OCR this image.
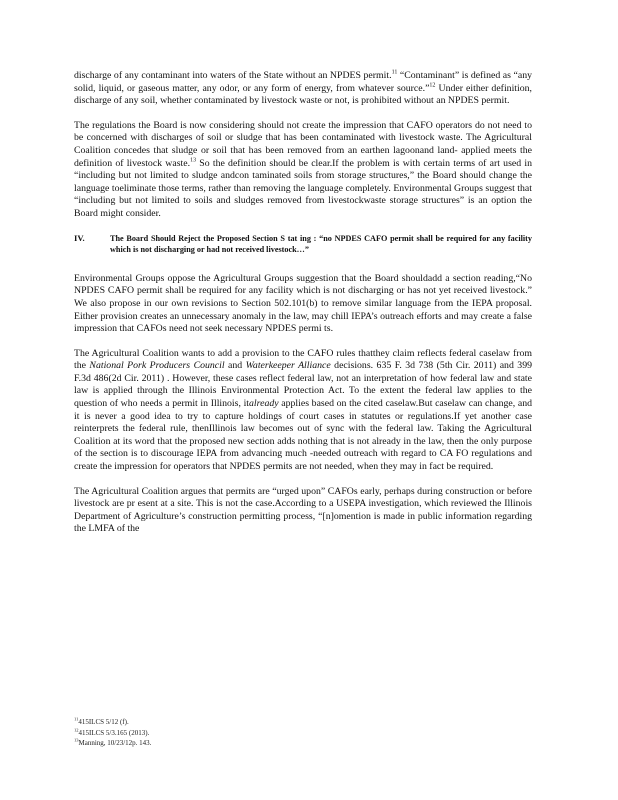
discharge of any contaminant into waters of the State without an NPDES permit.$^{11}$ “Contaminant” is defined as “any solid, liquid, or gaseous matter, any odor, or any form of energy, from whatever source.”$^{12}$ Under either definition, discharge of any soil, whether contaminated by livestock waste or not, is prohibited without an NPDES permit.

The regulations the Board is now considering should not create the impression that CAFO operators do not need to be concerned with discharges of soil or sludge that has been contaminated with livestock waste. The Agricultural Coalition concedes that sludge or soil that has been removed from an earthen lagoonand land- applied meets the definition of livestock waste.$^{13}$ So the definition should be clear.If the problem is with certain terms of art used in “including but not limited to sludge andcon taminated soils from storage structures,” the Board should change the language toeliminate those terms, rather than removing the language completely. Environmental Groups suggest that “including but not limited to soils and sludges removed from livestockwaste storage structures” is an option the Board might consider.

IV.	The Board Should Reject the Proposed Section S tat ing : “no NPDES CAFO permit shall be required for any facility which is not discharging or had not received livestock…”

Environmental Groups oppose the Agricultural Groups suggestion that the Board shouldadd a section reading,“No NPDES CAFO permit shall be required for any facility which is not discharging or has not yet received livestock.” We also propose in our own revisions to Section 502.101(b) to remove similar language from the IEPA proposal. Either provision creates an unnecessary anomaly in the law, may chill IEPA’s outreach efforts and may create a false impression that CAFOs need not seek necessary NPDES permi ts.

The Agricultural Coalition wants to add a provision to the CAFO rules thatthey claim reflects federal caselaw from the National Pork Producers Council and Waterkeeper Alliance decisions. 635 F. 3d 738 (5th Cir. 2011) and 399 F.3d 486(2d Cir. 2011) . However, these cases reflect federal law, not an interpretation of how federal law and state law is applied through the Illinois Environmental Protection Act. To the extent the federal law applies to the question of who needs a permit in Illinois, italready applies based on the cited caselaw.But caselaw can change, and it is never a good idea to try to capture holdings of court cases in statutes or regulations.If yet another case reinterprets the federal rule, thenIllinois law becomes out of sync with the federal law. Taking the Agricultural Coalition at its word that the proposed new section adds nothing that is not already in the law, then the only purpose of the section is to discourage IEPA from advancing much -needed outreach with regard to CA FO regulations and create the impression for operators that NPDES permits are not needed, when they may in fact be required.

The Agricultural Coalition argues that permits are “urged upon” CAFOs early, perhaps during construction or before livestock are pr esent at a site. This is not the case.According to a USEPA investigation, which reviewed the Illinois Department of Agriculture’s construction permitting process, “[n]omention is made in public information regarding the LMFA of the

$^{11}$415ILCS 5/12 (f).
$^{12}$415ILCS 5/3.165 (2013).
$^{13}$Manning, 10/23/12p. 143.
